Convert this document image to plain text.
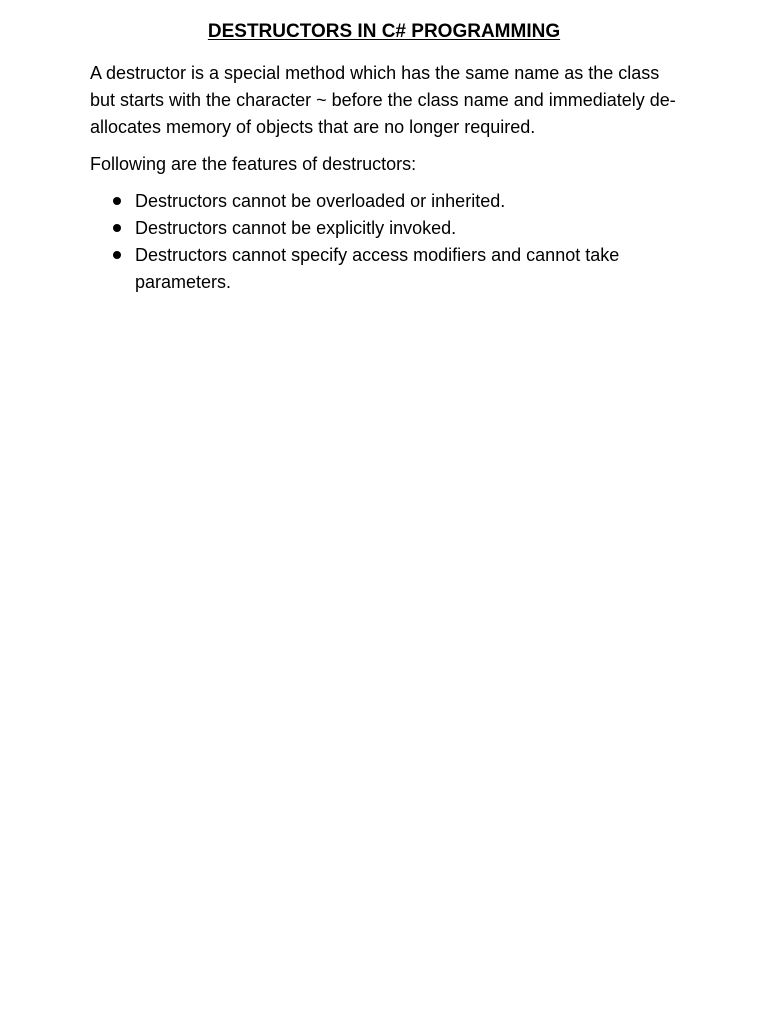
DESTRUCTORS IN C# PROGRAMMING

A destructor is a special method which has the same name as the class but starts with the character ~ before the class name and immediately de-allocates memory of objects that are no longer required.

Following are the features of destructors:

Destructors cannot be overloaded or inherited.
Destructors cannot be explicitly invoked.
Destructors cannot specify access modifiers and cannot take parameters.
